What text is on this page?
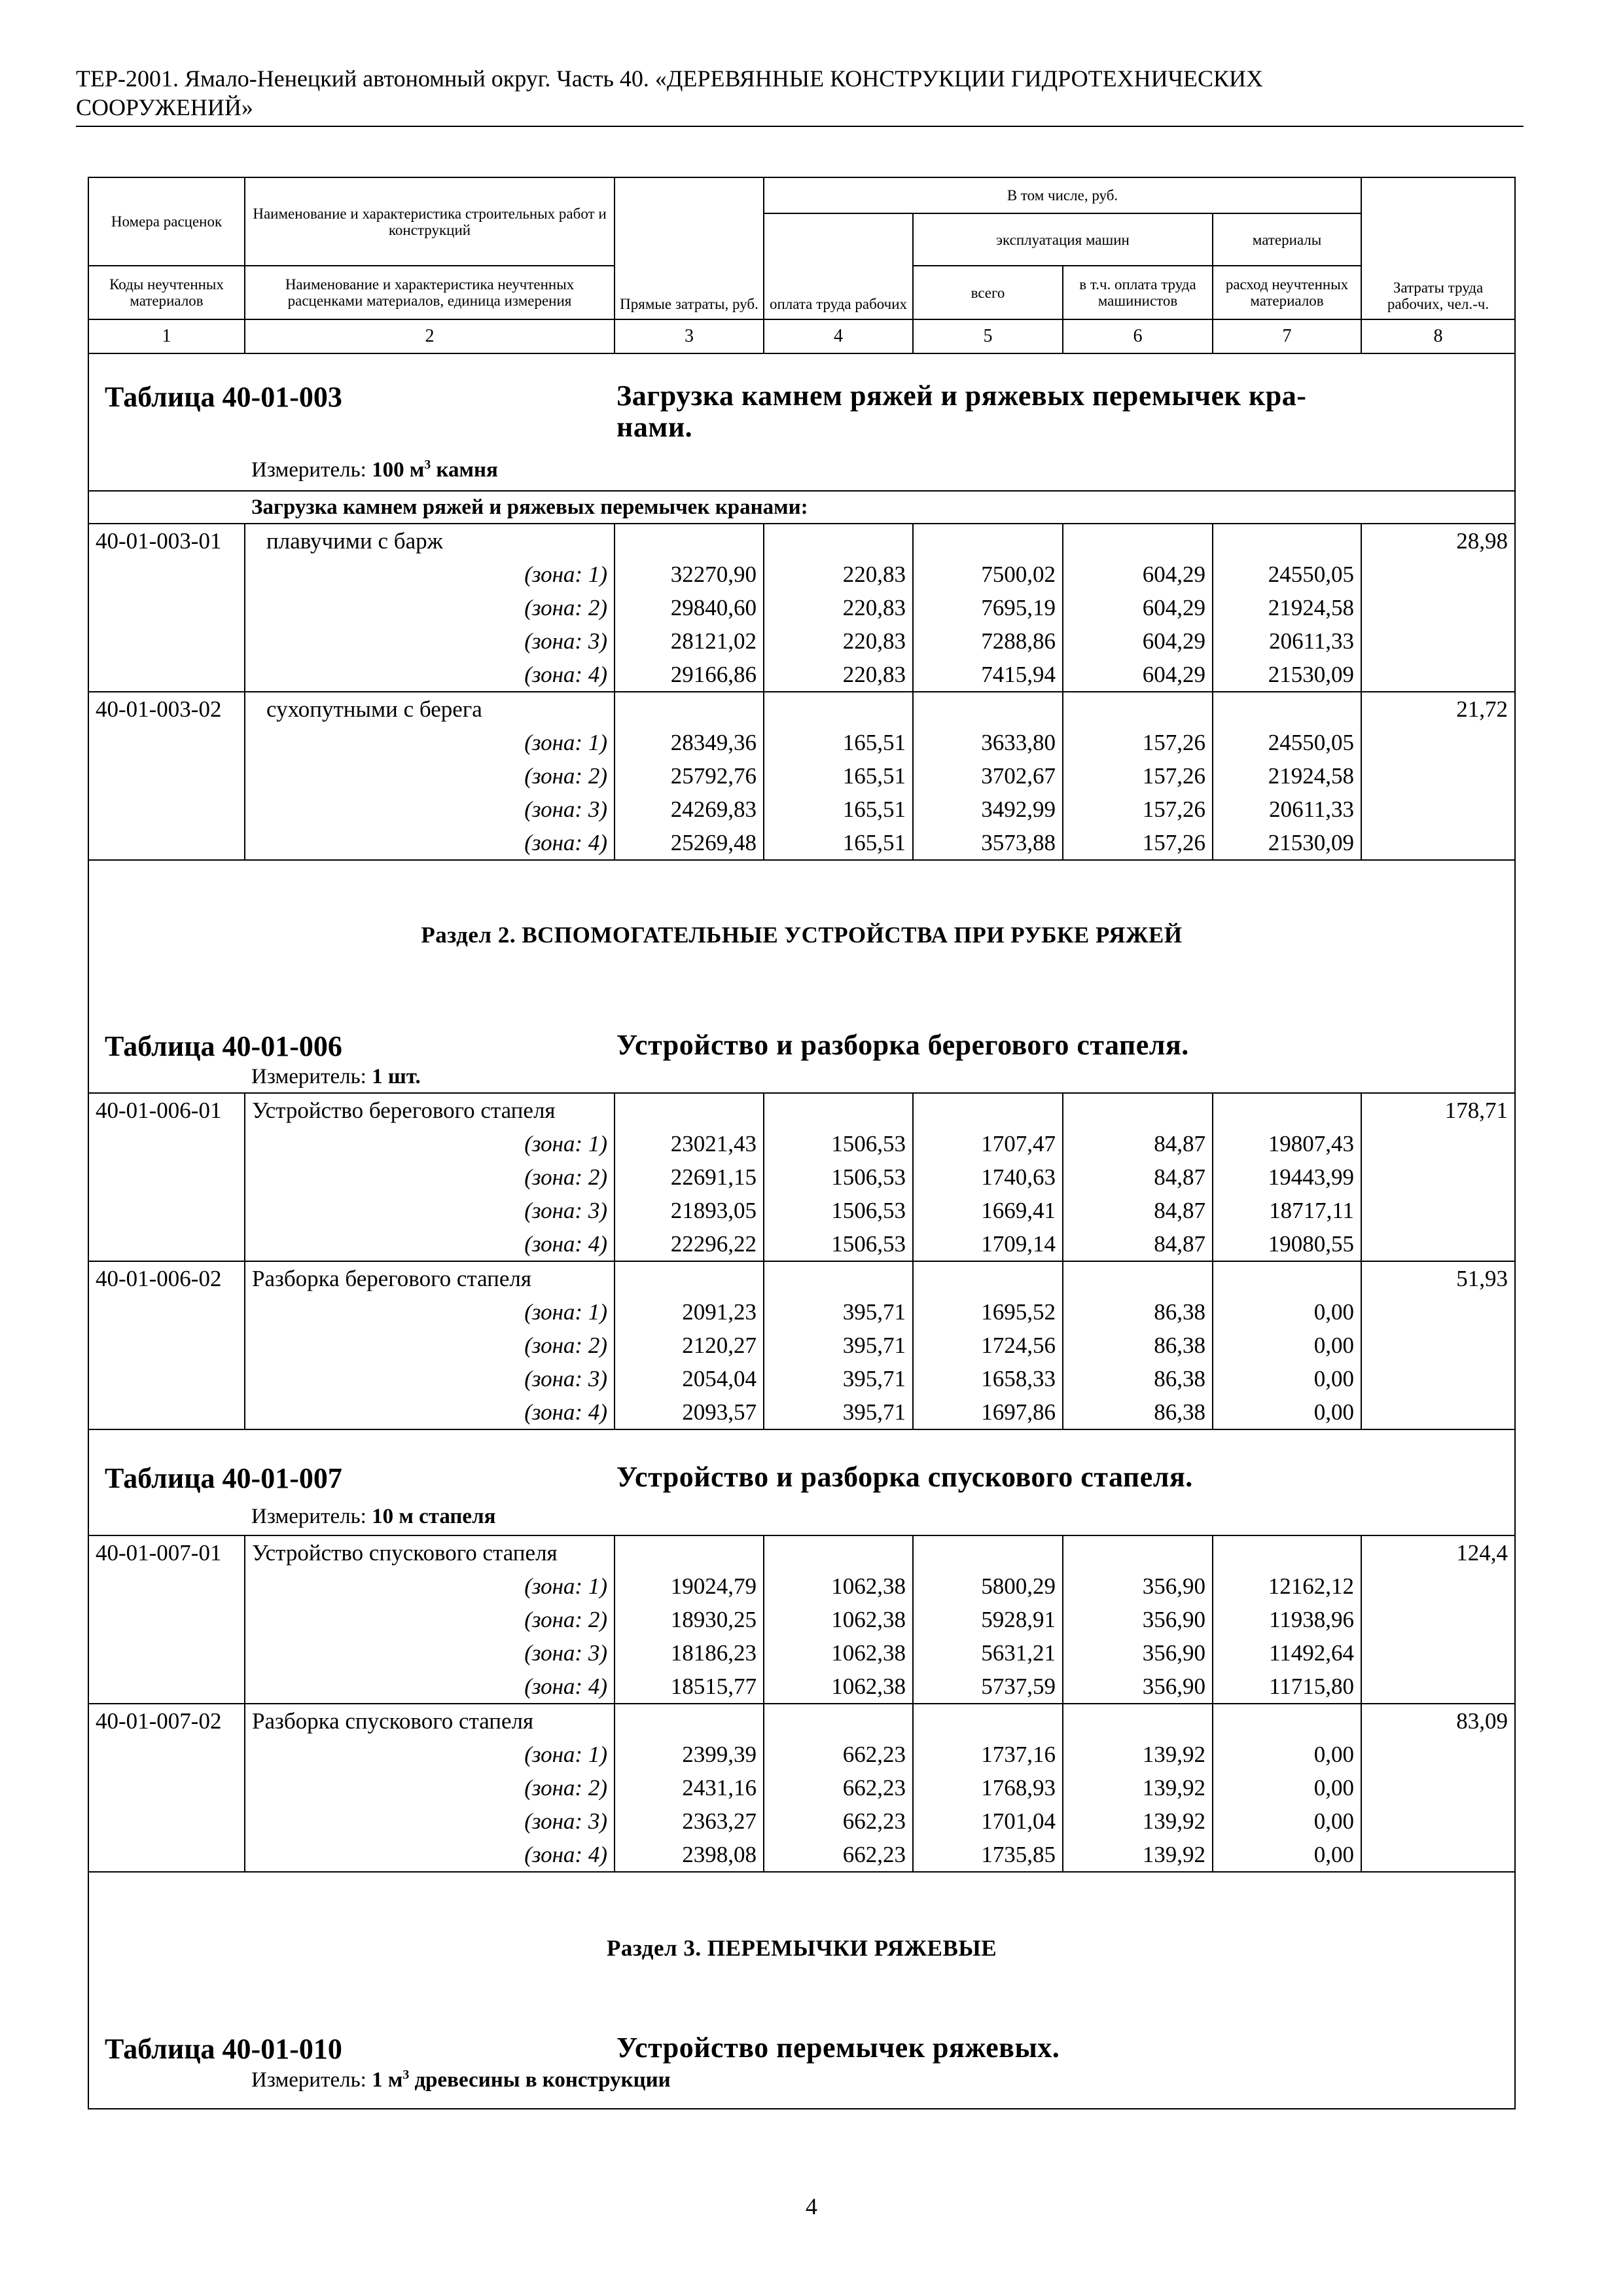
ТЕР-2001. Ямало-Ненецкий автономный округ. Часть 40. «ДЕРЕВЯННЫЕ КОНСТРУКЦИИ ГИДРОТЕХНИЧЕСКИХ
СООРУЖЕНИЙ»
Номера расценок	Наименование и характеристика строительных работ и конструкций	Прямые затраты, руб.	В том числе, руб.				Затраты труда рабочих, чел.-ч.
			оплата труда рабочих	эксплуатация машин		материалы	
Коды неучтенных материалов	Наименование и характеристика неучтенных расценками материалов, единица измерения			всего	в т.ч. оплата труда машинистов	расход неучтенных материалов	
1	2	3	4	5	6	7	8

Таблица 40-01-003 Загрузка камнем ряжей и ряжевых перемычек кра-
нами.
Измеритель: 100 $м^3$ камня							

Загрузка камнем ряжей и ряжевых перемычек кранами:							

40-01-003-01	плавучими с барж						28,98
	(зона: 1)	32270,90	220,83	7500,02	604,29	24550,05	
	(зона: 2)	29840,60	220,83	7695,19	604,29	21924,58	
	(зона: 3)	28121,02	220,83	7288,86	604,29	20611,33	
	(зона: 4)	29166,86	220,83	7415,94	604,29	21530,09	
40-01-003-02	сухопутными с берега						21,72
	(зона: 1)	28349,36	165,51	3633,80	157,26	24550,05	
	(зона: 2)	25792,76	165,51	3702,67	157,26	21924,58	
	(зона: 3)	24269,83	165,51	3492,99	157,26	20611,33	
	(зона: 4)	25269,48	165,51	3573,88	157,26	21530,09	
Раздел 2. ВСПОМОГАТЕЛЬНЫЕ УСТРОЙСТВА ПРИ РУБКЕ РЯЖЕЙ							

Таблица 40-01-006 Устройство и разборка берегового стапеля.
Измеритель: 1 шт.							

40-01-006-01	Устройство берегового стапеля						178,71
	(зона: 1)	23021,43	1506,53	1707,47	84,87	19807,43	
	(зона: 2)	22691,15	1506,53	1740,63	84,87	19443,99	
	(зона: 3)	21893,05	1506,53	1669,41	84,87	18717,11	
	(зона: 4)	22296,22	1506,53	1709,14	84,87	19080,55	
40-01-006-02	Разборка берегового стапеля						51,93
	(зона: 1)	2091,23	395,71	1695,52	86,38	0,00	
	(зона: 2)	2120,27	395,71	1724,56	86,38	0,00	
	(зона: 3)	2054,04	395,71	1658,33	86,38	0,00	
	(зона: 4)	2093,57	395,71	1697,86	86,38	0,00	

Таблица 40-01-007 Устройство и разборка спускового стапеля.
Измеритель: 10 м стапеля							

40-01-007-01	Устройство спускового стапеля						124,4
	(зона: 1)	19024,79	1062,38	5800,29	356,90	12162,12	
	(зона: 2)	18930,25	1062,38	5928,91	356,90	11938,96	
	(зона: 3)	18186,23	1062,38	5631,21	356,90	11492,64	
	(зона: 4)	18515,77	1062,38	5737,59	356,90	11715,80	
40-01-007-02	Разборка спускового стапеля						83,09
	(зона: 1)	2399,39	662,23	1737,16	139,92	0,00	
	(зона: 2)	2431,16	662,23	1768,93	139,92	0,00	
	(зона: 3)	2363,27	662,23	1701,04	139,92	0,00	
	(зона: 4)	2398,08	662,23	1735,85	139,92	0,00	
Раздел 3. ПЕРЕМЫЧКИ РЯЖЕВЫЕ							

Таблица 40-01-010 Устройство перемычек ряжевых.
Измеритель: 1 $м^3$ древесины в конструкции							
4
